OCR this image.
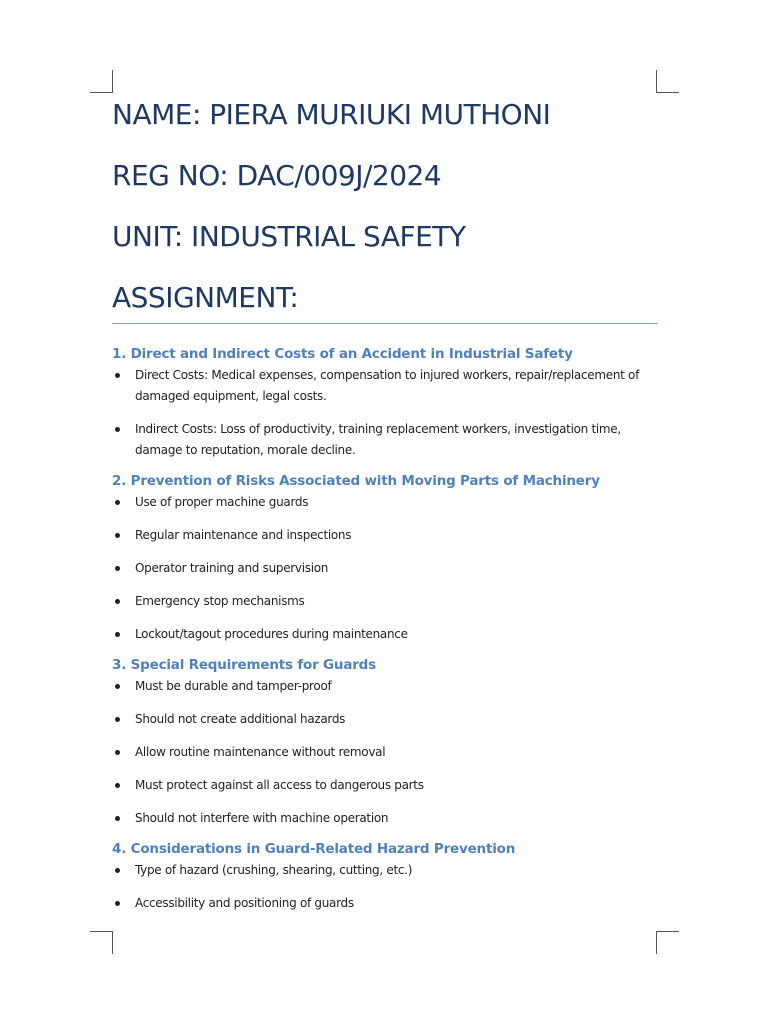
NAME: PIERA MURIUKI MUTHONI
REG NO: DAC/009J/2024
UNIT: INDUSTRIAL SAFETY
ASSIGNMENT:
1. Direct and Indirect Costs of an Accident in Industrial Safety
Direct Costs: Medical expenses, compensation to injured workers, repair/replacement of damaged equipment, legal costs.
Indirect Costs: Loss of productivity, training replacement workers, investigation time, damage to reputation, morale decline.
2. Prevention of Risks Associated with Moving Parts of Machinery
Use of proper machine guards
Regular maintenance and inspections
Operator training and supervision
Emergency stop mechanisms
Lockout/tagout procedures during maintenance
3. Special Requirements for Guards
Must be durable and tamper-proof
Should not create additional hazards
Allow routine maintenance without removal
Must protect against all access to dangerous parts
Should not interfere with machine operation
4. Considerations in Guard-Related Hazard Prevention
Type of hazard (crushing, shearing, cutting, etc.)
Accessibility and positioning of guards
